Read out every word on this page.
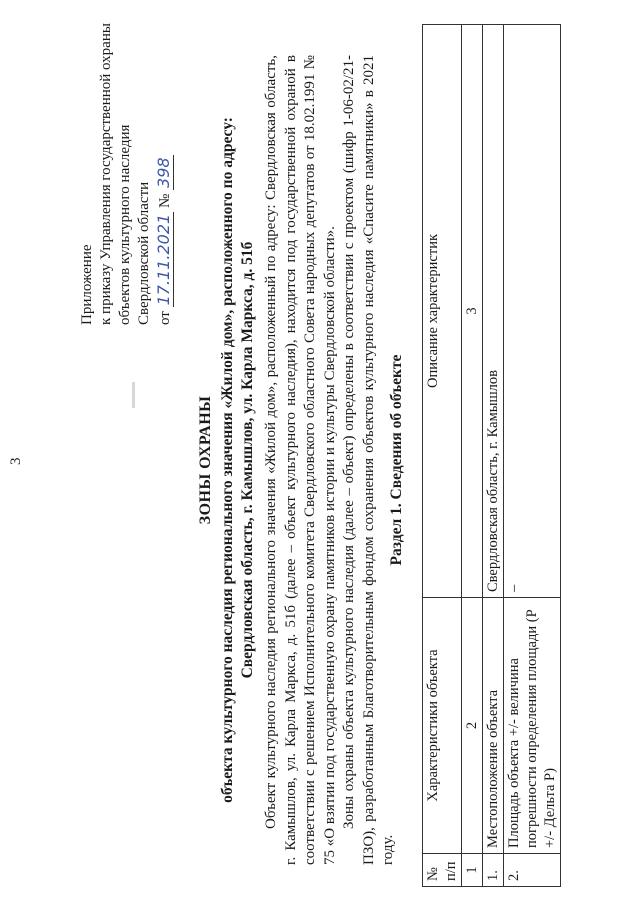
3
Приложение к приказу Управления государственной охраны объектов культурного наследия Свердловской области от 17.11.2021 № 398
ЗОНЫ ОХРАНЫ объекта культурного наследия регионального значения «Жилой дом», расположенного по адресу: Свердловская область, г. Камышлов, ул. Карла Маркса, д. 51б Объект культурного наследия регионального значения «Жилой дом», расположенный по адресу: Свердловская область, г. Камышлов, ул. Карла Маркса, д. 51б (далее – объект культурного наследия), находится под государственной охраной в соответствии с решением Исполнительного комитета Свердловского областного Совета народных депутатов от 18.02.1991 № 75 «О взятии под государственную охрану памятников истории и культуры Свердловской области». Зоны охраны объекта культурного наследия (далее – объект) определены в соответствии с проектом (шифр 1-06-02/21-ПЗО), разработанным Благотворительным фондом сохранения объектов культурного наследия «Спасите памятники» в 2021 году.

Раздел 1. Сведения об объекте
№ п/п	Характеристики объекта	Описание характеристик
1	2	3
1.	Местоположение объекта	Свердловская область, г. Камышлов
2.	Площадь объекта +/- величина погрешности определения площади (P +/- Дельта P)	–
